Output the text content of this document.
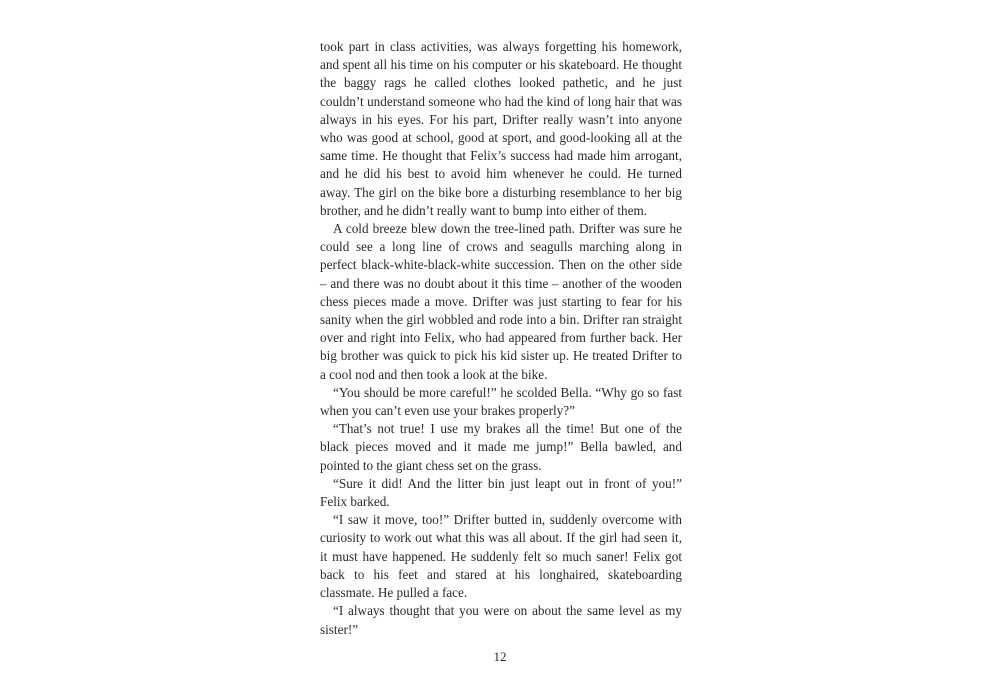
took part in class activities, was always forgetting his homework, and spent all his time on his computer or his skateboard. He thought the baggy rags he called clothes looked pathetic, and he just couldn’t understand someone who had the kind of long hair that was always in his eyes. For his part, Drifter really wasn’t into anyone who was good at school, good at sport, and good-looking all at the same time. He thought that Felix’s success had made him arrogant, and he did his best to avoid him whenever he could. He turned away. The girl on the bike bore a disturbing resemblance to her big brother, and he didn’t really want to bump into either of them.

A cold breeze blew down the tree-lined path. Drifter was sure he could see a long line of crows and seagulls marching along in perfect black-white-black-white succession. Then on the other side – and there was no doubt about it this time – another of the wooden chess pieces made a move. Drifter was just starting to fear for his sanity when the girl wobbled and rode into a bin. Drifter ran straight over and right into Felix, who had appeared from further back. Her big brother was quick to pick his kid sister up. He treated Drifter to a cool nod and then took a look at the bike.

“You should be more careful!” he scolded Bella. “Why go so fast when you can’t even use your brakes properly?”

“That’s not true! I use my brakes all the time! But one of the black pieces moved and it made me jump!” Bella bawled, and pointed to the giant chess set on the grass.

“Sure it did! And the litter bin just leapt out in front of you!” Felix barked.

“I saw it move, too!” Drifter butted in, suddenly overcome with curiosity to work out what this was all about. If the girl had seen it, it must have happened. He suddenly felt so much saner! Felix got back to his feet and stared at his longhaired, skateboarding classmate. He pulled a face.

“I always thought that you were on about the same level as my sister!”

12
